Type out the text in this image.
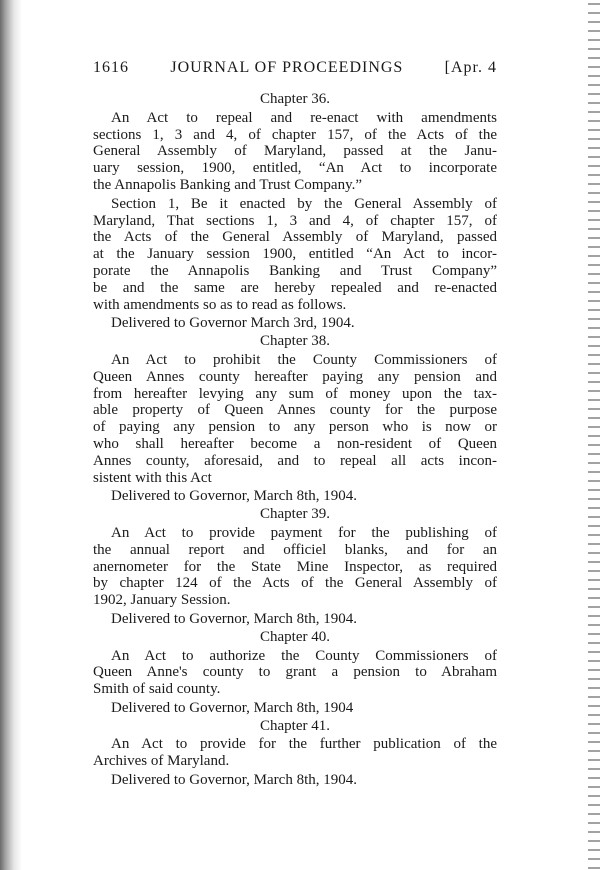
1616	JOURNAL OF PROCEEDINGS	[Apr. 4
Chapter 36.
An Act to repeal and re-enact with amendments
sections 1, 3 and 4, of chapter 157, of the Acts of the
General Assembly of Maryland, passed at the Janu-
uary session, 1900, entitled, “An Act to incorporate
the Annapolis Banking and Trust Company.”
Section 1, Be it enacted by the General Assembly of
Maryland, That sections 1, 3 and 4, of chapter 157, of
the Acts of the General Assembly of Maryland, passed
at the January session 1900, entitled “An Act to incor-
porate the Annapolis Banking and Trust Company”
be and the same are hereby repealed and re-enacted
with amendments so as to read as follows.
Delivered to Governor March 3rd, 1904.
Chapter 38.
An Act to prohibit the County Commissioners of
Queen Annes county hereafter paying any pension and
from hereafter levying any sum of money upon the tax-
able property of Queen Annes county for the purpose
of paying any pension to any person who is now or
who shall hereafter become a non-resident of Queen
Annes county, aforesaid, and to repeal all acts incon-
sistent with this Act
Delivered to Governor, March 8th, 1904.
Chapter 39.
An Act to provide payment for the publishing of
the annual report and officiel blanks, and for an
anernometer for the State Mine Inspector, as required
by chapter 124 of the Acts of the General Assembly of
1902, January Session.
Delivered to Governor, March 8th, 1904.
Chapter 40.
An Act to authorize the County Commissioners of
Queen Anne's county to grant a pension to Abraham
Smith of said county.
Delivered to Governor, March 8th, 1904
Chapter 41.
An Act to provide for the further publication of the
Archives of Maryland.
Delivered to Governor, March 8th, 1904.
